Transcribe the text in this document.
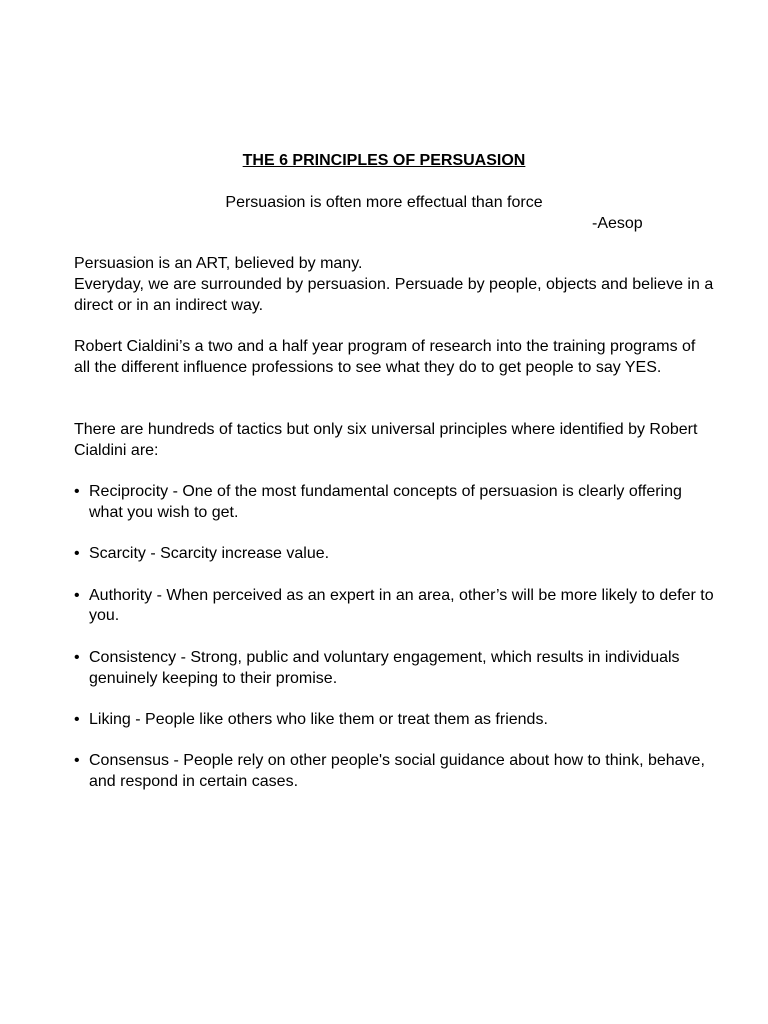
THE 6 PRINCIPLES OF PERSUASION
Persuasion is often more effectual than force
-Aesop

Persuasion is an ART, believed by many.
Everyday, we are surrounded by persuasion. Persuade by people, objects and believe in a direct or in an indirect way.

Robert Cialdini’s a two and a half year program of research into the training programs of all the different influence professions to see what they do to get people to say YES.

There are hundreds of tactics but only six universal principles where identified by Robert Cialdini are:

• Reciprocity - One of the most fundamental concepts of persuasion is clearly offering what you wish to get.
• Scarcity - Scarcity increase value.
• Authority - When perceived as an expert in an area, other’s will be more likely to defer to you.
• Consistency - Strong, public and voluntary engagement, which results in individuals genuinely keeping to their promise.
• Liking - People like others who like them or treat them as friends.
• Consensus - People rely on other people's social guidance about how to think, behave, and respond in certain cases.
